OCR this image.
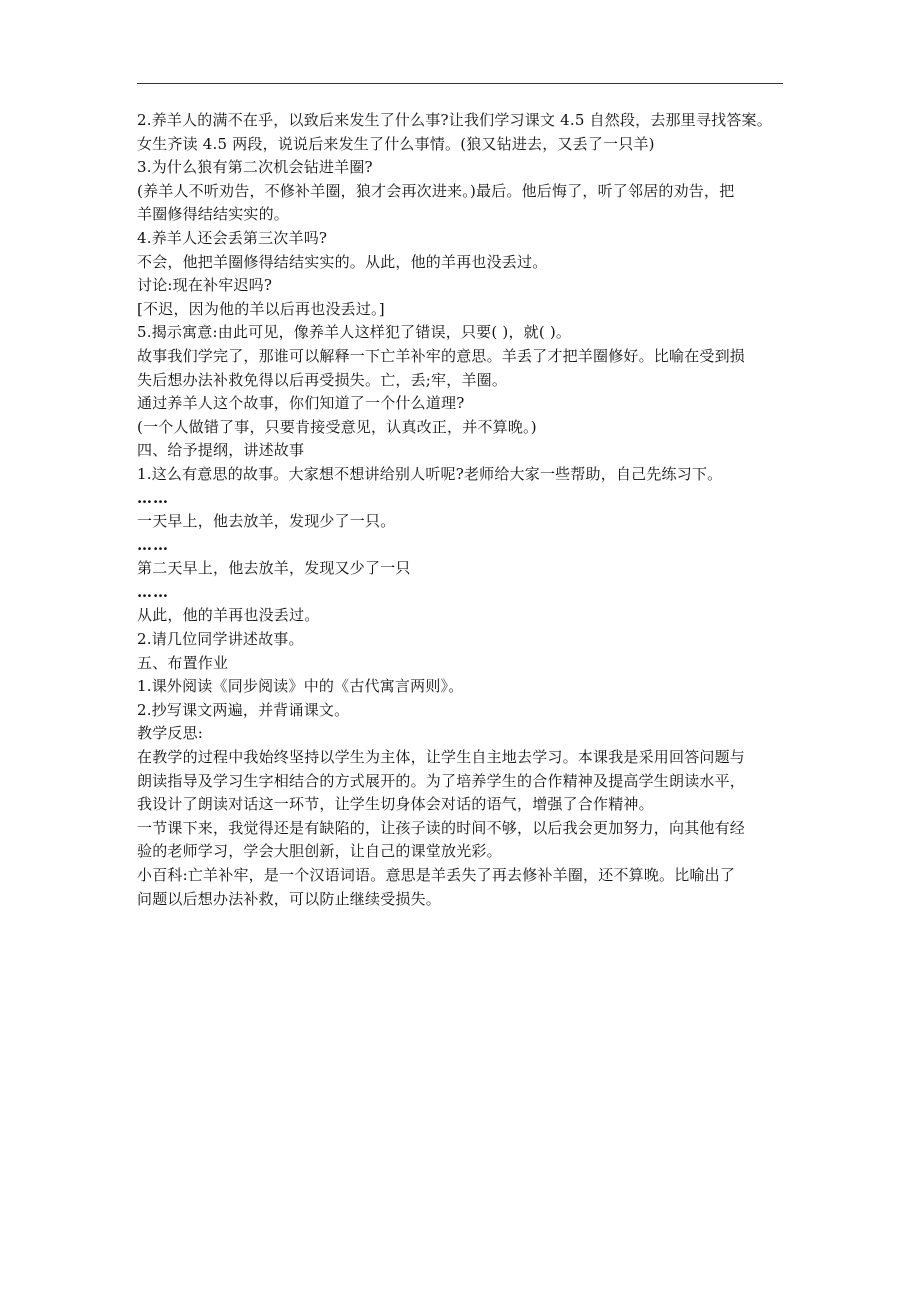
2.养羊人的满不在乎，以致后来发生了什么事?让我们学习课文 4.5 自然段，去那里寻找答案。
女生齐读 4.5 两段，说说后来发生了什么事情。(狼又钻进去，又丢了一只羊)
3.为什么狼有第二次机会钻进羊圈?
(养羊人不听劝告，不修补羊圈，狼才会再次进来。)最后。他后悔了，听了邻居的劝告，把
羊圈修得结结实实的。
4.养羊人还会丢第三次羊吗?
不会，他把羊圈修得结结实实的。从此，他的羊再也没丢过。
讨论:现在补牢迟吗?
[不迟，因为他的羊以后再也没丢过。]
5.揭示寓意:由此可见，像养羊人这样犯了错误，只要( )，就( )。
故事我们学完了，那谁可以解释一下亡羊补牢的意思。羊丢了才把羊圈修好。比喻在受到损
失后想办法补救免得以后再受损失。亡，丢;牢，羊圈。
通过养羊人这个故事，你们知道了一个什么道理?
(一个人做错了事，只要肯接受意见，认真改正，并不算晚。)
四、给予提纲，讲述故事
1.这么有意思的故事。大家想不想讲给别人听呢?老师给大家一些帮助，自己先练习下。
……
一天早上，他去放羊，发现少了一只。
……
第二天早上，他去放羊，发现又少了一只
……
从此，他的羊再也没丢过。
2.请几位同学讲述故事。
五、布置作业
1.课外阅读《同步阅读》中的《古代寓言两则》。
2.抄写课文两遍，并背诵课文。
教学反思:
在教学的过程中我始终坚持以学生为主体，让学生自主地去学习。本课我是采用回答问题与
朗读指导及学习生字相结合的方式展开的。为了培养学生的合作精神及提高学生朗读水平，
我设计了朗读对话这一环节，让学生切身体会对话的语气，增强了合作精神。
一节课下来，我觉得还是有缺陷的，让孩子读的时间不够，以后我会更加努力，向其他有经
验的老师学习，学会大胆创新，让自己的课堂放光彩。
小百科:亡羊补牢，是一个汉语词语。意思是羊丢失了再去修补羊圈，还不算晚。比喻出了
问题以后想办法补救，可以防止继续受损失。
